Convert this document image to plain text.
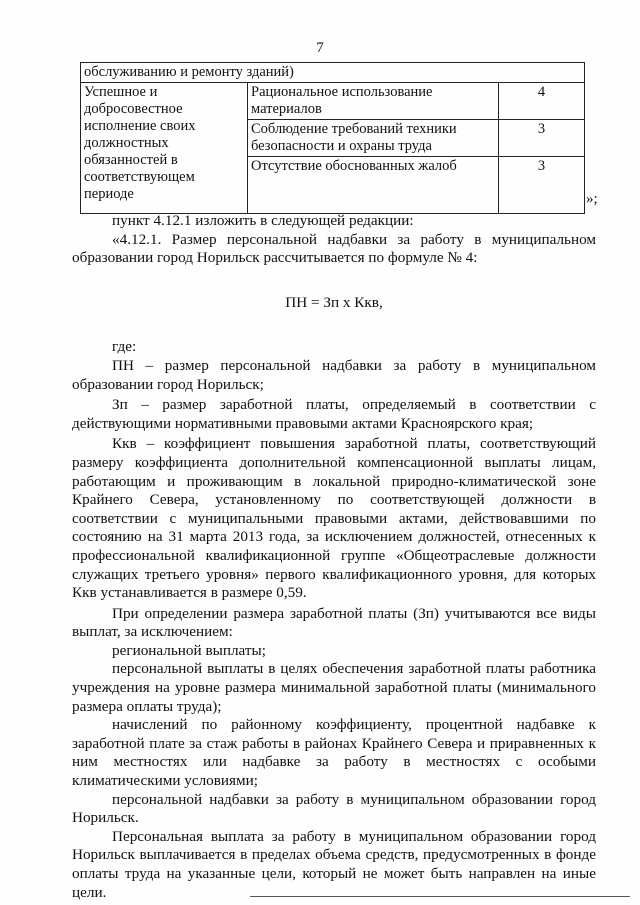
7
обслуживанию и ремонту зданий)		
Успешное и добросовестное исполнение своих должностных обязанностей в соответствующем периоде	Рациональное использование материалов	4
	Соблюдение требований техники безопасности и охраны труда	3
	Отсутствие обоснованных жалоб	3
»;

пункт 4.12.1 изложить в следующей редакции:

«4.12.1. Размер персональной надбавки за работу в муниципальном образовании город Норильск рассчитывается по формуле № 4:

ПН = Зп х Ккв,

где:

ПН – размер персональной надбавки за работу в муниципальном образовании город Норильск;

Зп – размер заработной платы, определяемый в соответствии с действующими нормативными правовыми актами Красноярского края;

Ккв – коэффициент повышения заработной платы, соответствующий размеру коэффициента дополнительной компенсационной выплаты лицам, работающим и проживающим в локальной природно-климатической зоне Крайнего Севера, установленному по соответствующей должности в соответствии с муниципальными правовыми актами, действовавшими по состоянию на 31 марта 2013 года, за исключением должностей, отнесенных к профессиональной квалификационной группе «Общеотраслевые должности служащих третьего уровня» первого квалификационного уровня, для которых Ккв устанавливается в размере 0,59.

При определении размера заработной платы (Зп) учитываются все виды выплат, за исключением:

региональной выплаты;

персональной выплаты в целях обеспечения заработной платы работника учреждения на уровне размера минимальной заработной платы (минимального размера оплаты труда);

начислений по районному коэффициенту, процентной надбавке к заработной плате за стаж работы в районах Крайнего Севера и приравненных к ним местностях или надбавке за работу в местностях с особыми климатическими условиями;

персональной надбавки за работу в муниципальном образовании город Норильск.

Персональная выплата за работу в муниципальном образовании город Норильск выплачивается в пределах объема средств, предусмотренных в фонде оплаты труда на указанные цели, который не может быть направлен на иные цели.
